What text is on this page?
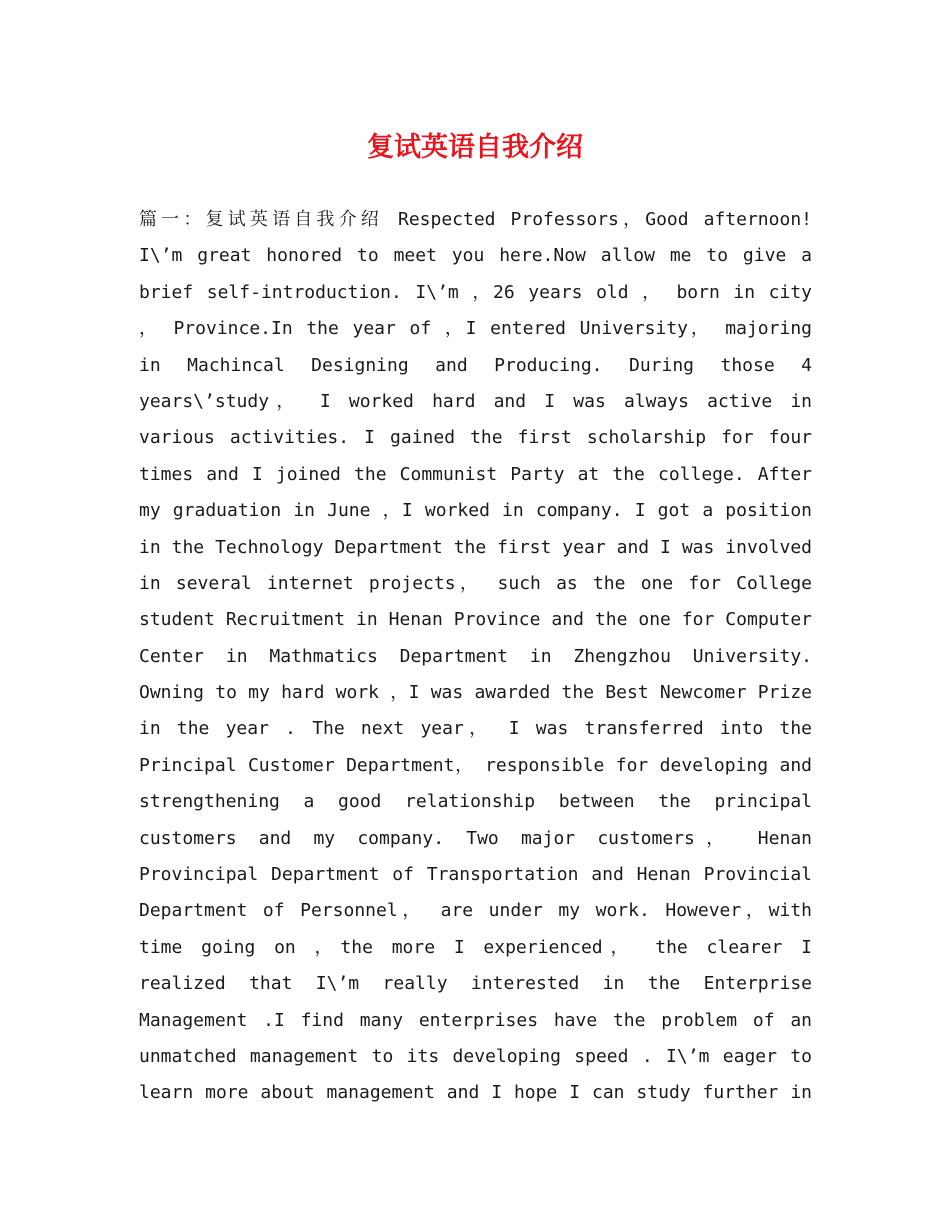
复试英语自我介绍
篇一：复试英语自我介绍 Respected Professors，Good afternoon!
I\’m great honored to meet you here.Now allow me to give a
brief self-introduction. I\’m ，26 years old ， born in city
， Province.In the year of ，I entered University， majoring
in Machincal Designing and Producing. During those 4
years\’study， I worked hard and I was always active in
various activities. I gained the first scholarship for four
times and I joined the Communist Party at the college. After
my graduation in June ，I worked in company. I got a position
in the Technology Department the first year and I was involved
in several internet projects， such as the one for College
student Recruitment in Henan Province and the one for Computer
Center in Mathmatics Department in Zhengzhou University.
Owning to my hard work ，I was awarded the Best Newcomer Prize
in the year . The next year， I was transferred into the
Principal Customer Department， responsible for developing and
strengthening a good relationship between the principal
customers and my company. Two major customers， Henan
Provincipal Department of Transportation and Henan Provincial
Department of Personnel， are under my work. However，with
time going on ，the more I experienced， the clearer I
realized that I\’m really interested in the Enterprise
Management .I find many enterprises have the problem of an
unmatched management to its developing speed . I\’m eager to
learn more about management and I hope I can study further in
